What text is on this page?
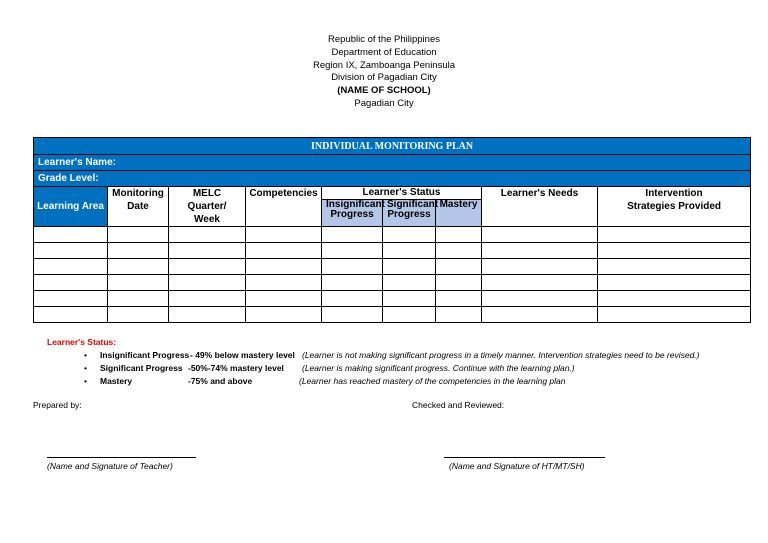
Republic of the Philippines
Department of Education
Region IX, Zamboanga Peninsula
Division of Pagadian City
(NAME OF SCHOOL)
Pagadian City
INDIVIDUAL MONITORING PLAN								
Learner's Name:								
Grade Level:								
Learning Area	Monitoring Date	MELC Quarter/ Week	Competencies	Learner's Status			Learner's Needs	Intervention Strategies Provided
				Insignificant Progress	Significant Progress	Mastery		

Learner's Status:
• Insignificant Progress - 49% below mastery level (Learner is not making significant progress in a timely manner. Intervention strategies need to be revised.)
• Significant Progress -50%-74% mastery level (Learner is making significant progress. Continue with the learning plan.)
• Mastery	-75% and above	(Learner has reached mastery of the competencies in the learning plan
Prepared by:	Checked and Reviewed:
(Name and Signature of Teacher)	(Name and Signature of HT/MT/SH)
